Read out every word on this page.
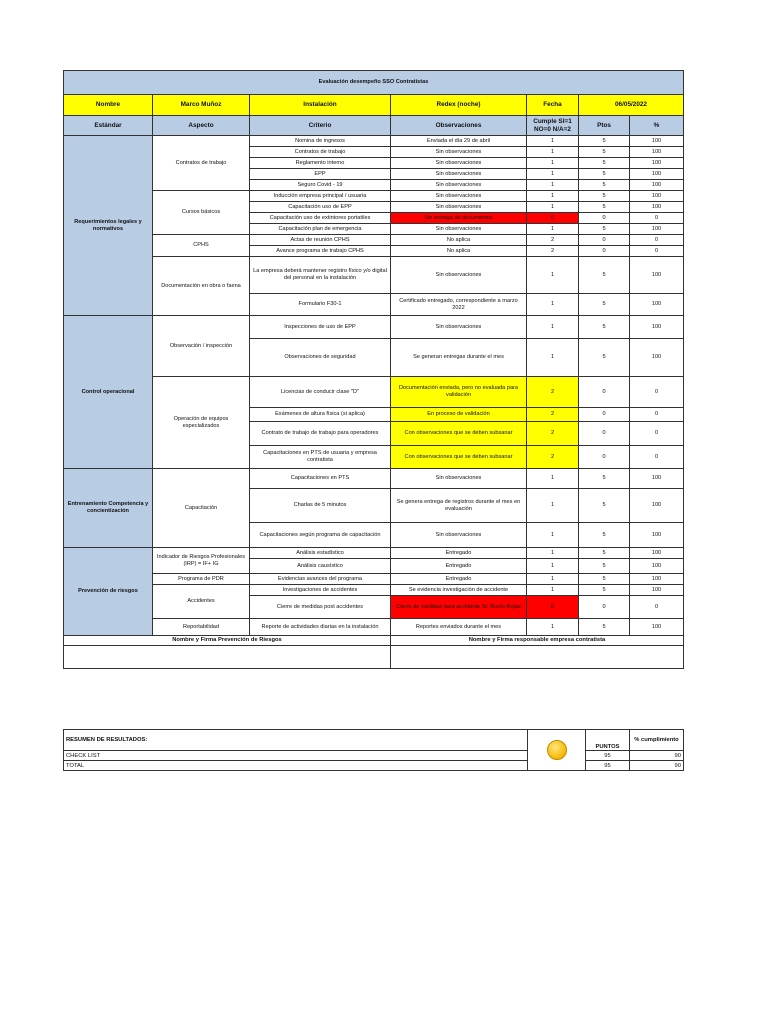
Evaluación desempeño SSO Contratistas						
Nombre	Marco Muñoz	Instalación	Redex (noche)	Fecha	06/05/2022	
Estándar	Aspecto	Criterio	Observaciones	Cumple SI=1 NO=0 N/A=2	Ptos	%
Requerimientos legales y normativos	Contratos de trabajo	Nomina de ingresos	Enviada el día 29 de abril	1	5	100
		Contratos de trabajo	Sin observaciones	1	5	100
		Reglamento interno	Sin observaciones	1	5	100
		EPP	Sin observaciones	1	5	100
		Seguro Covid - 19	Sin observaciones	1	5	100
	Cursos básicos	Inducción empresa principal / usuaria	Sin observaciones	1	5	100
		Capacitación uso de EPP	Sin observaciones	1	5	100
		Capacitación uso de extintores portatiles	Sin entrega de documentos	0	0	0
		Capacitación plan de emergencia	Sin observaciones	1	5	100
	CPHS	Actas de reunión CPHS	No aplica	2	0	0
		Avance programa de trabajo CPHS	No aplica	2	0	0
	Documentación en obra o faena	La empresa deberá mantener registro físico y/o digital del personal en la instalación	Sin observaciones	1	5	100
		Formulario F30-1	Certificado entregado, correspondiente a marzo 2022	1	5	100
Control operacional	Observación / inspección	Inspecciones de uso de EPP	Sin observaciones	1	5	100
		Observaciones de seguridad	Se generan entregas durante el mes	1	5	100
	Operación de equipos especializados	Licencias de conducir clase "D"	Documentación enviada, pero no evaluada para validación	2	0	0
		Exámenes de altura física (si aplica)	En proceso de validación	2	0	0
		Contrato de trabajo de trabajo para operadores	Con observaciones que se deben subsanar	2	0	0
		Capacitaciones en PTS de usuaria y empresa contratista	Con observaciones que se deben subsanar	2	0	0
Entrenamiento Competencia y concientización	Capacitación	Capacitaciones en PTS	Sin observaciones	1	5	100
		Charlas de 5 minutos	Se genera entrega de registros durante el mes en evaluación	1	5	100
		Capacitaciones según programa de capacitación	Sin observaciones	1	5	100
Prevención de riesgos	Indicador de Riesgos Profesionales (IRP) = IF+ IG	Análisis estadístico	Entregado	1	5	100
		Análisis causístico	Entregado	1	5	100
	Programa de PDR	Evidencias avances del programa	Entregado	1	5	100
	Accidentes	Investigaciones de accidentes	Se evidencia investigación de accidente	1	5	100
		Cierre de medidas post accidentes	Cierre de medidas para accidente Sr. Rocío Rojas	0	0	0
	Reportabilidad	Reporte de actividades diarias en la instalación	Reportes enviados durante el mes	1	5	100
Nombre y Firma Prevención de Riesgos			Nombre y Firma responsable empresa contratista			

RESUMEN DE RESULTADOS:		PUNTOS	% cumplimiento
CHECK LIST		95	90
TOTAL		95	90
